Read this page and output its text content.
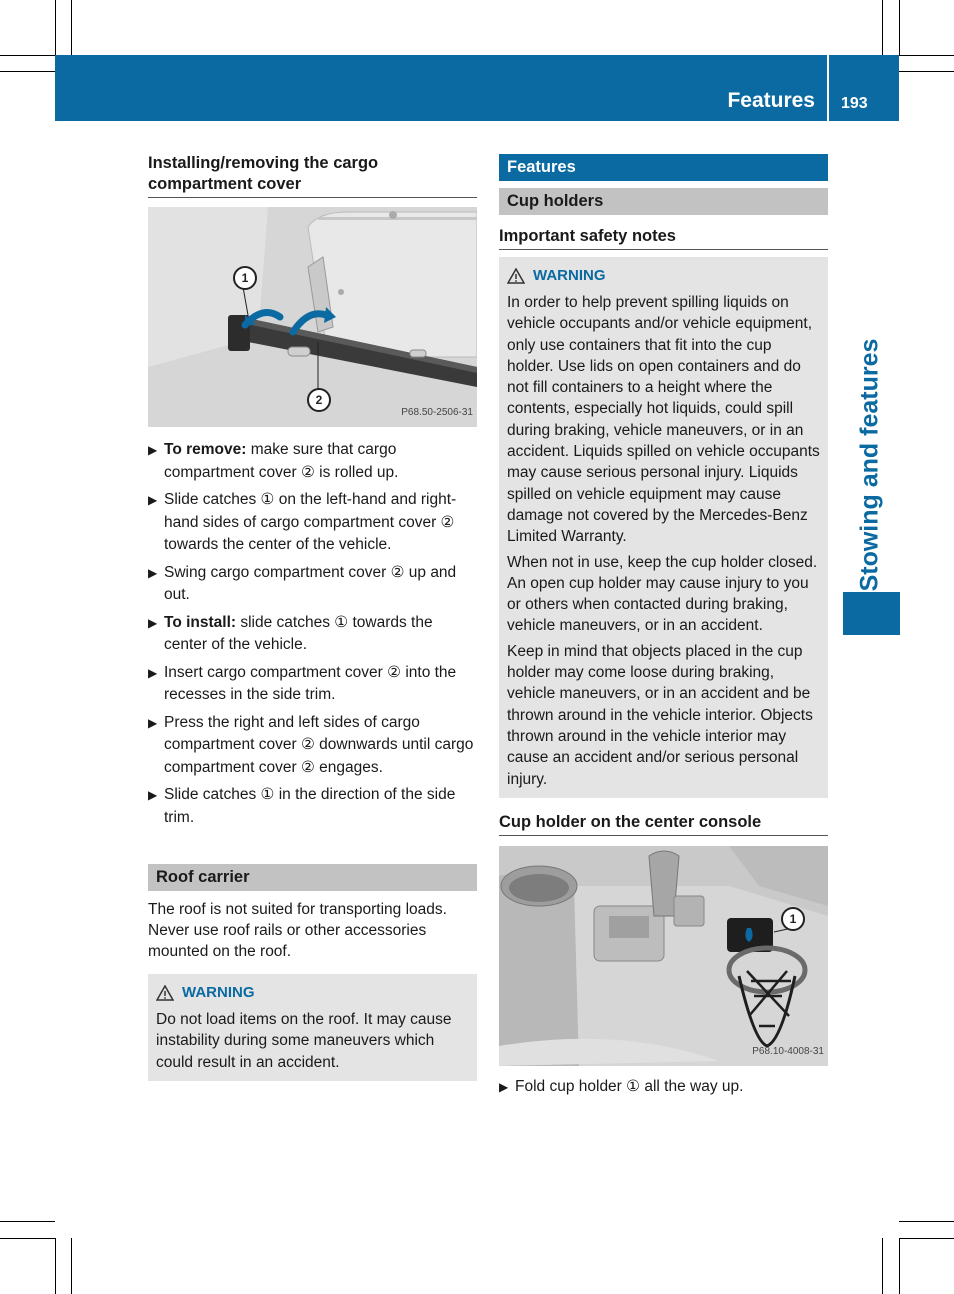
Features 193
Stowing and features
Installing/removing the cargo compartment cover
1
2
P68.50-2506-31
▶ To remove: make sure that cargo compartment cover ② is rolled up.
▶ Slide catches ① on the left-hand and right-hand sides of cargo compartment cover ② towards the center of the vehicle.
▶ Swing cargo compartment cover ② up and out.
▶ To install: slide catches ① towards the center of the vehicle.
▶ Insert cargo compartment cover ② into the recesses in the side trim.
▶ Press the right and left sides of cargo compartment cover ② downwards until cargo compartment cover ② engages.
▶ Slide catches ① in the direction of the side trim.
Roof carrier

The roof is not suited for transporting loads. Never use roof rails or other accessories mounted on the roof.

WARNING

Do not load items on the roof. It may cause instability during some maneuvers which could result in an accident.

Features
Cup holders
Important safety notes
WARNING

In order to help prevent spilling liquids on vehicle occupants and/or vehicle equipment, only use containers that fit into the cup holder. Use lids on open containers and do not fill containers to a height where the contents, especially hot liquids, could spill during braking, vehicle maneuvers, or in an accident. Liquids spilled on vehicle occupants may cause serious personal injury. Liquids spilled on vehicle equipment may cause damage not covered by the Mercedes-Benz Limited Warranty.

When not in use, keep the cup holder closed. An open cup holder may cause injury to you or others when contacted during braking, vehicle maneuvers, or in an accident.

Keep in mind that objects placed in the cup holder may come loose during braking, vehicle maneuvers, or in an accident and be thrown around in the vehicle interior. Objects thrown around in the vehicle interior may cause an accident and/or serious personal injury.

Cup holder on the center console
1
P68.10-4008-31
▶ Fold cup holder ① all the way up.
